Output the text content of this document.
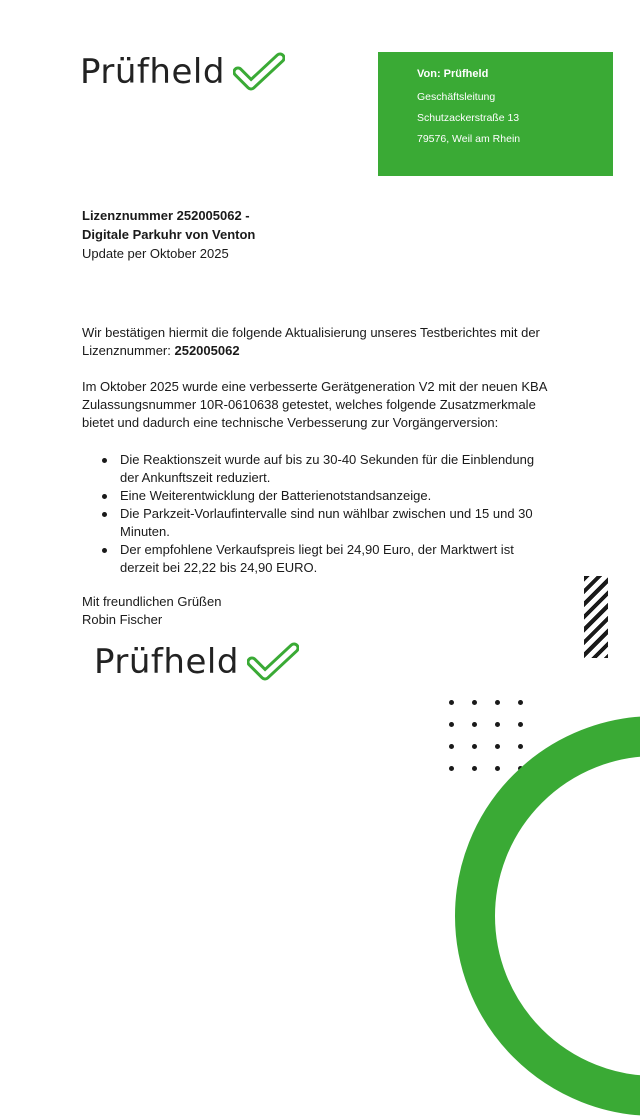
Prüfheld	Von: Prüfheld
Geschäftsleitung
Schutzackerstraße 13
79576, Weil am Rhein
Lizenznummer 252005062 -
Digitale Parkuhr von Venton
Update per Oktober 2025
Wir bestätigen hiermit die folgende Aktualisierung unseres Testberichtes mit der Lizenznummer: 252005062
Im Oktober 2025 wurde eine verbesserte Gerätgeneration V2 mit der neuen KBA Zulassungsnummer 10R-0610638 getestet, welches folgende Zusatzmerkmale bietet und dadurch eine technische Verbesserung zur Vorgängerversion:
Die Reaktionszeit wurde auf bis zu 30-40 Sekunden für die Einblendung der Ankunftszeit reduziert.
Eine Weiterentwicklung der Batterienotstandsanzeige.
Die Parkzeit-Vorlaufintervalle sind nun wählbar zwischen und 15 und 30 Minuten.
Der empfohlene Verkaufspreis liegt bei 24,90 Euro, der Marktwert ist derzeit bei 22,22 bis 24,90 EURO.
Mit freundlichen Grüßen
Robin Fischer
Prüfheld
